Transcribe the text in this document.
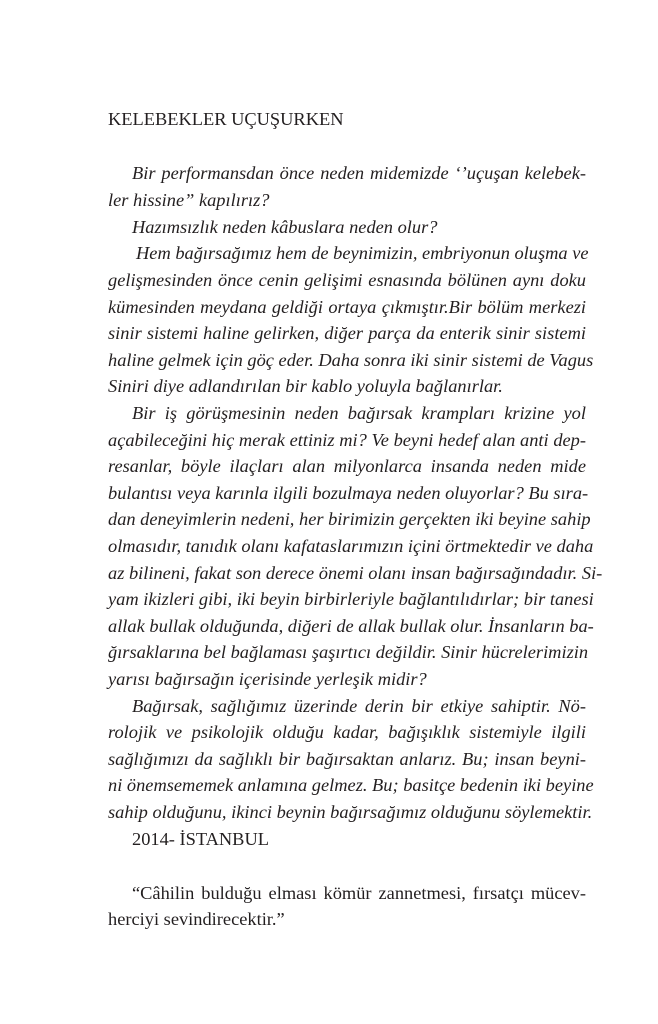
KELEBEKLER UÇUŞURKEN
Bir performansdan önce neden midemizde ‘’uçuşan kelebek-
ler hissine” kapılırız?
Hazımsızlık neden kâbuslara neden olur?
Hem bağırsağımız hem de beynimizin, embriyonun oluşma ve
gelişmesinden önce cenin gelişimi esnasında bölünen aynı doku
kümesinden meydana geldiği ortaya çıkmıştır.Bir bölüm merkezi
sinir sistemi haline gelirken, diğer parça da enterik sinir sistemi
haline gelmek için göç eder. Daha sonra iki sinir sistemi de Vagus
Siniri diye adlandırılan bir kablo yoluyla bağlanırlar.
Bir iş görüşmesinin neden bağırsak krampları krizine yol
açabileceğini hiç merak ettiniz mi? Ve beyni hedef alan anti dep-
resanlar, böyle ilaçları alan milyonlarca insanda neden mide
bulantısı veya karınla ilgili bozulmaya neden oluyorlar? Bu sıra-
dan deneyimlerin nedeni, her birimizin gerçekten iki beyine sahip
olmasıdır, tanıdık olanı kafataslarımızın içini örtmektedir ve daha
az bilineni, fakat son derece önemi olanı insan bağırsağındadır. Si-
yam ikizleri gibi, iki beyin birbirleriyle bağlantılıdırlar; bir tanesi
allak bullak olduğunda, diğeri de allak bullak olur. İnsanların ba-
ğırsaklarına bel bağlaması şaşırtıcı değildir. Sinir hücrelerimizin
yarısı bağırsağın içerisinde yerleşik midir?
Bağırsak, sağlığımız üzerinde derin bir etkiye sahiptir. Nö-
rolojik ve psikolojik olduğu kadar, bağışıklık sistemiyle ilgili
sağlığımızı da sağlıklı bir bağırsaktan anlarız. Bu; insan beyni-
ni önemsememek anlamına gelmez. Bu; basitçe bedenin iki beyine
sahip olduğunu, ikinci beynin bağırsağımız olduğunu söylemektir.
2014- İSTANBUL
“Câhilin bulduğu elması kömür zannetmesi, fırsatçı mücev-
herciyi sevindirecektir.”
